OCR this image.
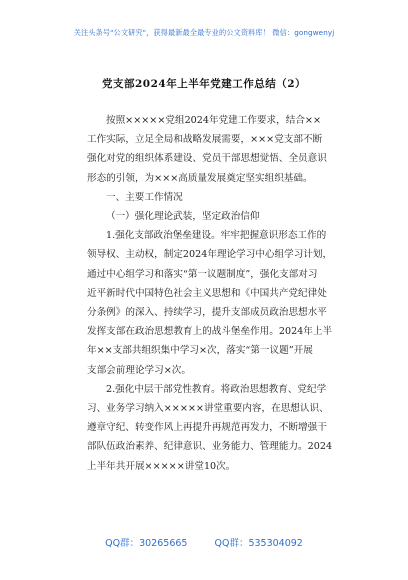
关注头条号"公文研究"，获得最新最全最专业的公文资料库！ 微信：gongwenyj
党支部2024年上半年党建工作总结（2）
按照×××××党组2024年党建工作要求，结合××
工作实际，立足全局和战略发展需要，×××党支部不断
强化对党的组织体系建设、党员干部思想觉悟、全员意识
形态的引领，为×××高质量发展奠定坚实组织基础。
一、主要工作情况
（一）强化理论武装，坚定政治信仰
1.强化支部政治堡垒建设。牢牢把握意识形态工作的
领导权、主动权，制定2024年理论学习中心组学习计划，
通过中心组学习和落实“第一议题制度”，强化支部对习
近平新时代中国特色社会主义思想和《中国共产党纪律处
分条例》的深入、持续学习，提升支部成员政治思想水平
发挥支部在政治思想教育上的战斗堡垒作用。2024年上半
年××支部共组织集中学习×次，落实“第一议题”开展
支部会前理论学习×次。
2.强化中层干部党性教育。将政治思想教育、党纪学
习、业务学习纳入×××××讲堂重要内容，在思想认识、
遵章守纪、转变作风上再提升再规范再发力，不断增强干
部队伍政治素养、纪律意识、业务能力、管理能力。2024
上半年共开展×××××讲堂10次。
QQ群：30265665	QQ群：535304092
